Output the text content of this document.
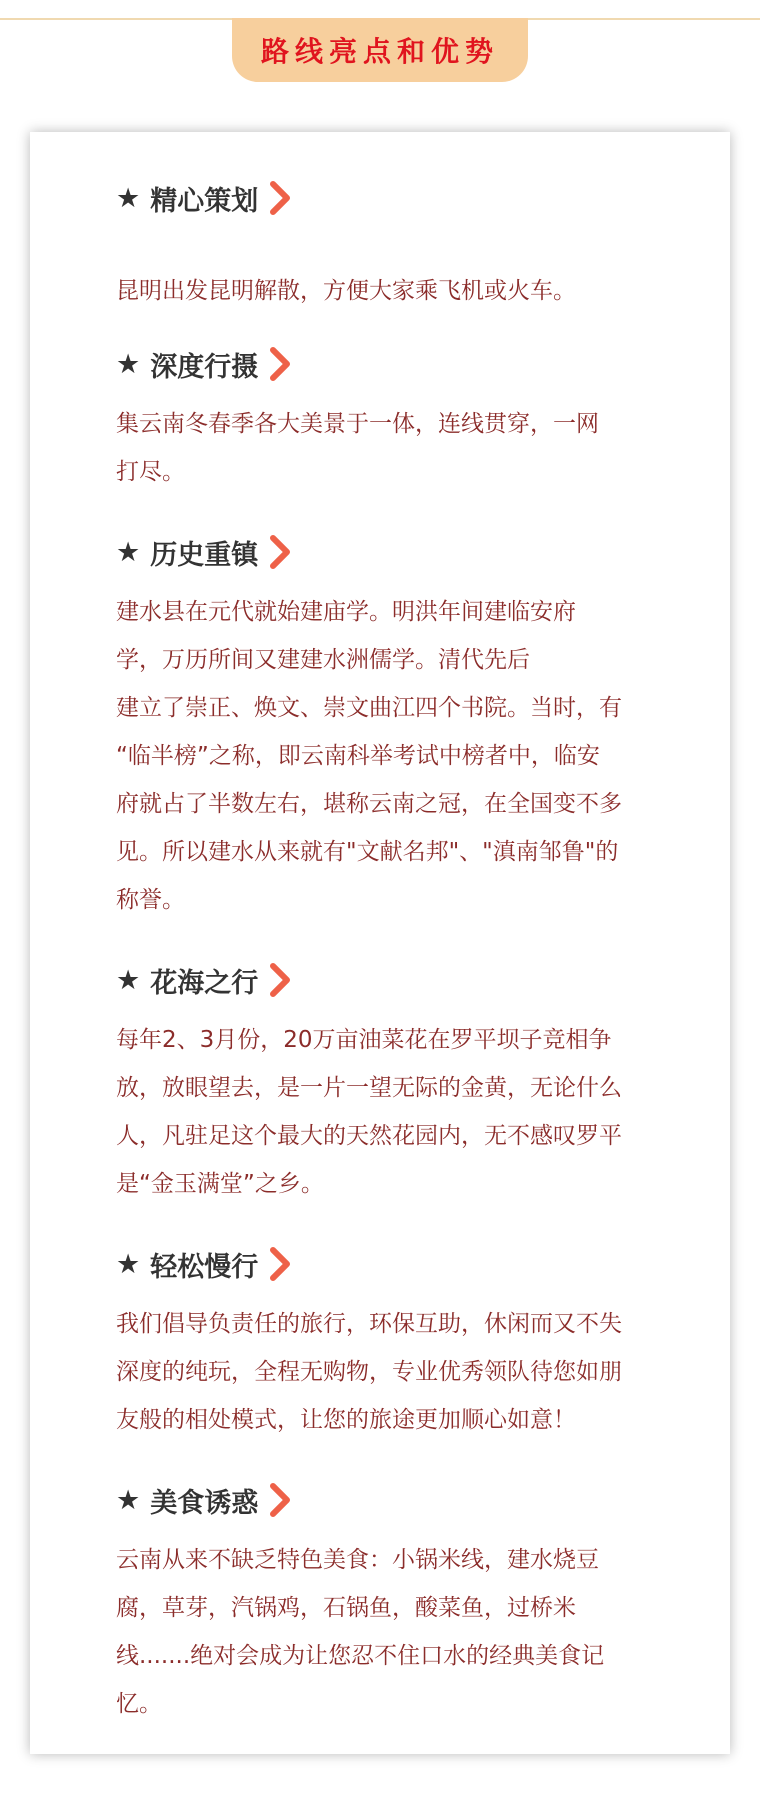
路线亮点和优势
★ 精心策划
昆明出发昆明解散，方便大家乘飞机或火车。
★ 深度行摄
集云南冬春季各大美景于一体，连线贯穿，一网
打尽。
★ 历史重镇
建水县在元代就始建庙学。明洪年间建临安府
学，万历所间又建建水洲儒学。清代先后
建立了崇正、焕文、崇文曲江四个书院。当时，有
“临半榜”之称，即云南科举考试中榜者中，临安
府就占了半数左右，堪称云南之冠，在全国变不多
见。所以建水从来就有"文献名邦"、"滇南邹鲁"的
称誉。
★ 花海之行
每年2、3月份，20万亩油菜花在罗平坝子竞相争
放，放眼望去，是一片一望无际的金黄，无论什么
人，凡驻足这个最大的天然花园内，无不感叹罗平
是“金玉满堂”之乡。
★ 轻松慢行
我们倡导负责任的旅行，环保互助，休闲而又不失
深度的纯玩，全程无购物，专业优秀领队待您如朋
友般的相处模式，让您的旅途更加顺心如意！
★ 美食诱惑
云南从来不缺乏特色美食：小锅米线，建水烧豆
腐，草芽，汽锅鸡，石锅鱼，酸菜鱼，过桥米
线.......绝对会成为让您忍不住口水的经典美食记
忆。
